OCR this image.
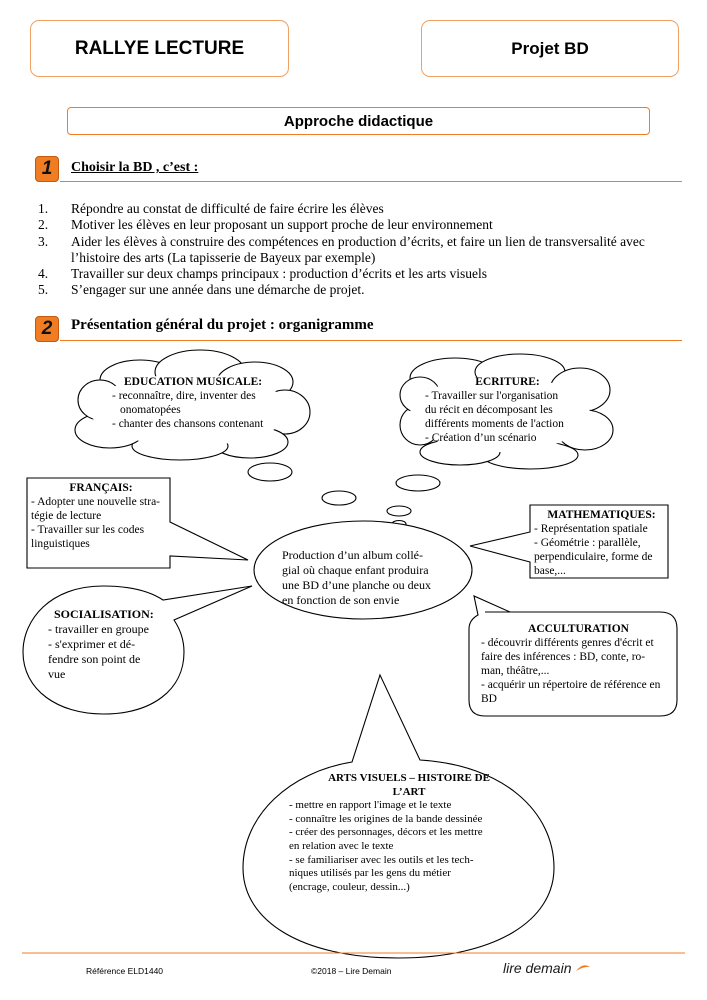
RALLYE LECTURE	Projet BD
Approche didactique
1	Choisir la BD , c’est :
1. Répondre au constat de difficulté de faire écrire les élèves
2. Motiver les élèves en leur proposant un support proche de leur environnement
3. Aider les élèves à construire des compétences en production d’écrits, et faire un lien de transversalité avec
l’histoire des arts (La tapisserie de Bayeux par exemple)
4. Travailler sur deux champs principaux : production d’écrits et les arts visuels
5. S’engager sur une année dans une démarche de projet.
2	Présentation général du projet : organigramme
EDUCATION MUSICALE:
- reconnaître, dire, inventer des
onomatopées
- chanter des chansons contenant
ECRITURE:
- Travailler sur l'organisation
du récit en décomposant les
différents moments de l'action
- Création d’un scénario
FRANÇAIS:
- Adopter une nouvelle stra-
tégie de lecture
- Travailler sur les codes
linguistiques
MATHEMATIQUES:
- Représentation spatiale
- Géométrie : parallèle,
perpendiculaire, forme de
base,...
Production d’un album collé-
gial où chaque enfant produira
une BD d’une planche ou deux
en fonction de son envie
SOCIALISATION:
- travailler en groupe
- s'exprimer et dé-
fendre son point de
vue
ACCULTURATION
- découvrir différents genres d'écrit et
faire des inférences : BD, conte, ro-
man, théâtre,...
- acquérir un répertoire de référence en
BD
ARTS VISUELS – HISTOIRE DE
L’ART
- mettre en rapport l'image et le texte
- connaître les origines de la bande dessinée
- créer des personnages, décors et les mettre
en relation avec le texte
- se familiariser avec les outils et les tech-
niques utilisés par les gens du métier
(encrage, couleur, dessin...)
Référence ELD1440	©2018 – Lire Demain	lire demain
